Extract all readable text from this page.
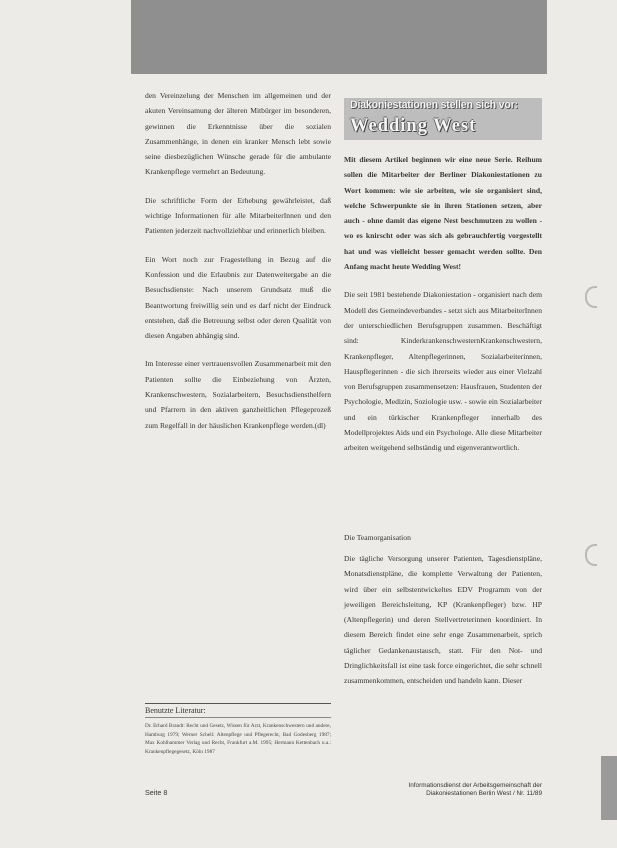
den Vereinzelung der Menschen im allgemeinen und der akuten Vereinsamung der älteren Mitbürger im besonderen, gewinnen die Erkenntnisse über die sozialen Zusammenhänge, in denen ein kranker Mensch lebt sowie seine diesbezüglichen Wünsche gerade für die ambulante Krankenpflege vermehrt an Bedeutung.

Die schriftliche Form der Erhebung gewährleistet, daß wichtige Informationen für alle MitarbeiterInnen und den Patienten jederzeit nachvollziehbar und erinnerlich bleiben.

Ein Wort noch zur Fragestellung in Bezug auf die Konfession und die Erlaubnis zur Datenweitergabe an die Besuchsdienste: Nach unserem Grundsatz muß die Beantwortung freiwillig sein und es darf nicht der Eindruck entstehen, daß die Betreuung selbst oder deren Qualität von diesen Angaben abhängig sind.

Im Interesse einer vertrauensvollen Zusammenarbeit mit den Patienten sollte die Einbeziehung von Ärzten, Krankenschwestern, Sozialarbeitern, Besuchsdiensthelfern und Pfarrern in den aktiven ganzheitlichen Pflegeprozeß zum Regelfall in der häuslichen Krankenpflege werden.(dl)

Benutzte Literatur:
Dr. Erhard Brandt: Recht und Gesetz, Wissen für Arzt, Krankenschwestern und andere, Hamburg 1979; Werner Schell: Altenpflege und Pflegerecht, Bad Godesberg 1987; Max Kohlhammer Verlag und Recht, Frankfurt a.M. 1995; Hermann Kettenbach u.a.: Krankenpflegegesetz, Köln 1987
Diakoniestationen stellen sich vor:
Wedding West

Mit diesem Artikel beginnen wir eine neue Serie. Reihum sollen die Mitarbeiter der Berliner Diakoniestationen zu Wort kommen: wie sie arbeiten, wie sie organisiert sind, welche Schwerpunkte sie in ihren Stationen setzen, aber auch - ohne damit das eigene Nest beschmutzen zu wollen - wo es knirscht oder was sich als gebrauchfertig vorgestellt hat und was vielleicht besser gemacht werden sollte. Den Anfang macht heute Wedding West!

Die seit 1981 bestehende Diakoniestation - organisiert nach dem Modell des Gemeindeverbandes - setzt sich aus MitarbeiterInnen der unterschiedlichen Berufsgruppen zusammen. Beschäftigt sind: KinderkrankenschwesternKrankenschwestern, Krankenpfleger, Altenpflegerinnen, Sozialarbeiterinnen, Hauspflegerinnen - die sich ihrerseits wieder aus einer Vielzahl von Berufsgruppen zusammensetzen: Hausfrauen, Studenten der Psychologie, Medizin, Soziologie usw. - sowie ein Sozialarbeiter und ein türkischer Krankenpfleger innerhalb des Modellprojektes Aids und ein Psychologe. Alle diese Mitarbeiter arbeiten weitgehend selbständig und eigenverantwortlich.

Die Teamorganisation

Die tägliche Versorgung unserer Patienten, Tagesdienstpläne, Monatsdienstpläne, die komplette Verwaltung der Patienten, wird über ein selbstentwickeltes EDV Programm von der jeweiligen Bereichsleitung, KP (Krankenpfleger) bzw. HP (Altenpflegerin) und deren Stellvertreterinnen koordiniert. In diesem Bereich findet eine sehr enge Zusammenarbeit, sprich täglicher Gedankenaustausch, statt. Für den Not- und Dringlichkeitsfall ist eine task force eingerichtet, die sehr schnell zusammenkommen, entscheiden und handeln kann. Dieser

Seite 8
Informationsdienst der Arbeitsgemeinschaft der
Diakoniestationen Berlin West / Nr. 11/89
